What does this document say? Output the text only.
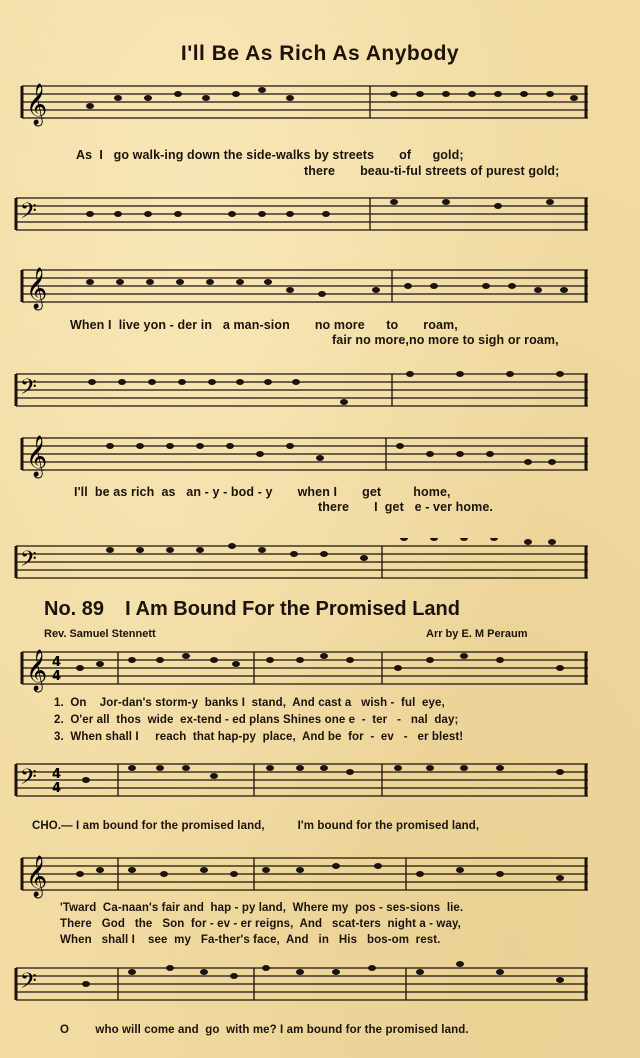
I'll Be As Rich As Anybody
𝄞
As  I   go walk-ing down the side-walks by streets       of      gold;
there       beau-ti-ful streets of purest gold;
𝄢
𝄞
When I  live yon - der in   a man-sion       no more      to       roam,
fair no more,no more to sigh or roam,
𝄢
𝄞
I'll  be as rich  as   an - y - bod - y       when I       get         home,
there       I  get   e - ver home.
𝄢
No. 89 I Am Bound For the Promised Land
Rev. Samuel Stennett	Arr by E. M Peraum
𝄞 4
4
1.  On    Jor-dan's storm-y  banks I  stand,  And cast a   wish -  ful  eye,
2.  O'er all  thos  wide  ex-tend - ed plans Shines one e  -  ter   -   nal  day;
3.  When shall I     reach  that hap-py  place,  And be  for  -  ev   -   er blest!
𝄢 4
4
CHO.— I am bound for the promised land,          I'm bound for the promised land,
𝄞
'Tward  Ca-naan's fair and  hap - py land,  Where my  pos - ses-sions  lie.
There   God   the   Son  for - ev - er reigns,  And   scat-ters  night a - way,
When   shall I    see  my   Fa-ther's face,  And   in   His   bos-om  rest.
𝄢
O        who will come and  go  with me? I am bound for the promised land.
